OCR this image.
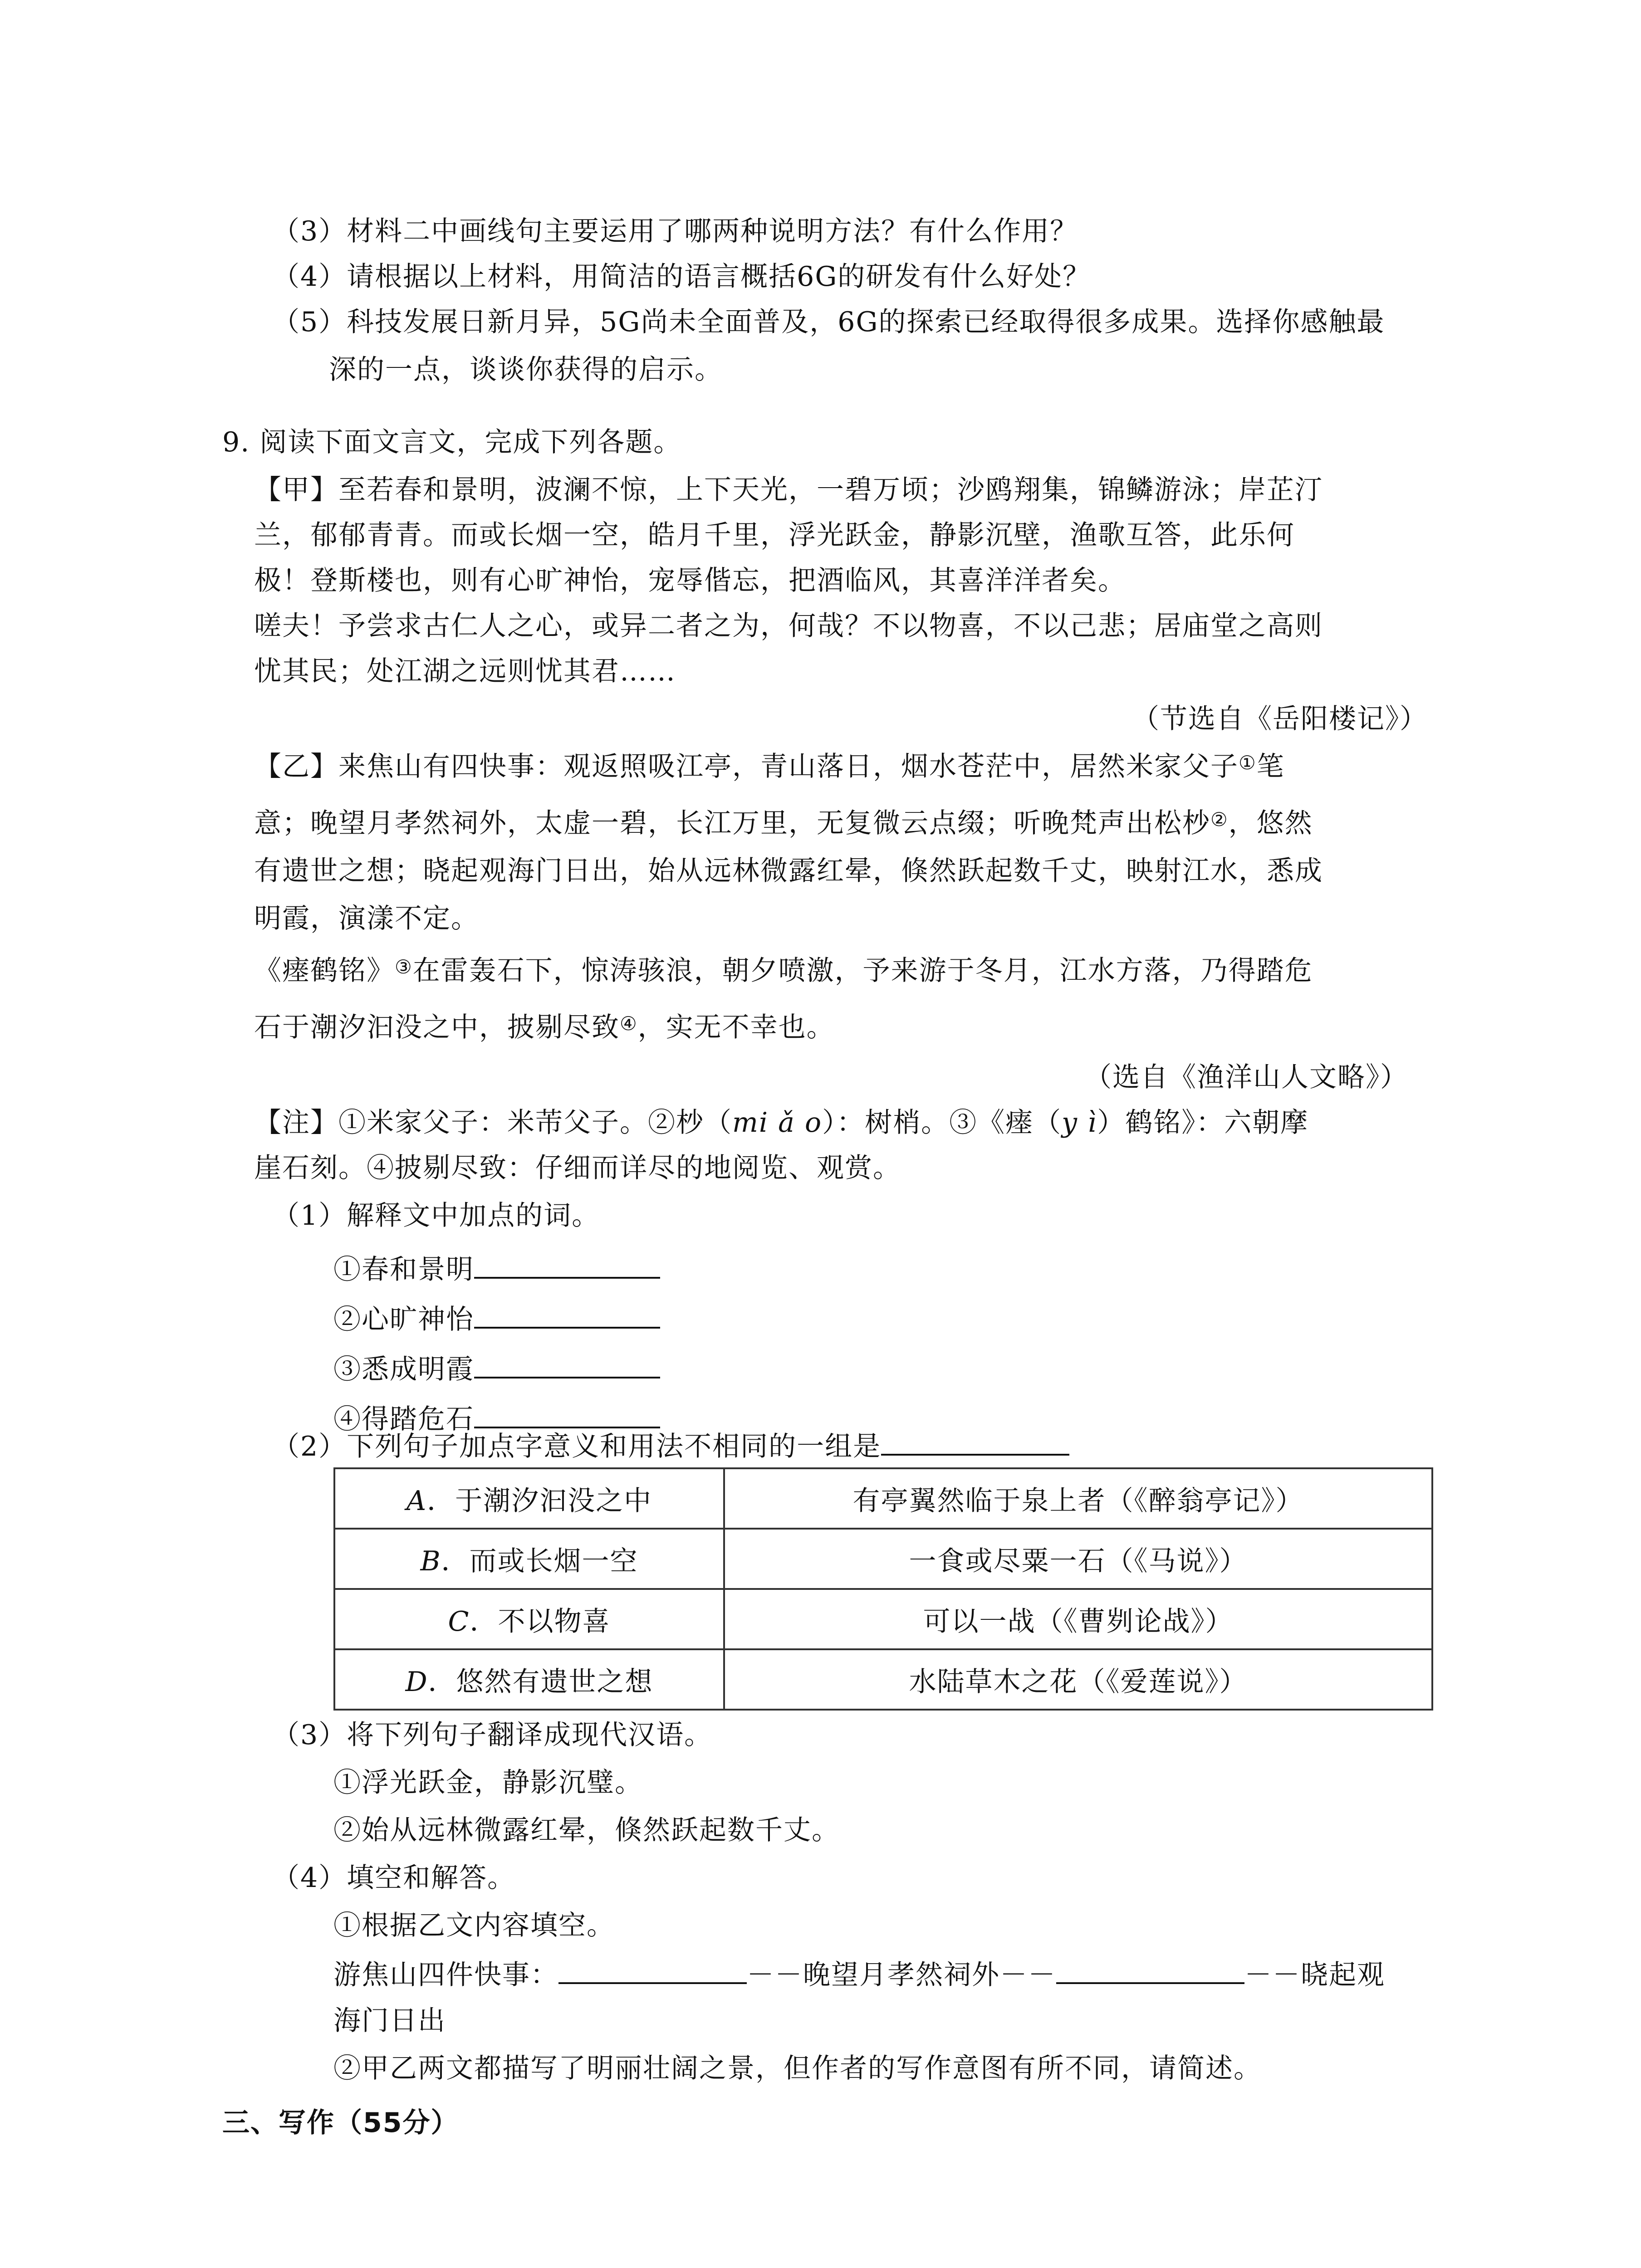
（3）材料二中画线句主要运用了哪两种说明方法？有什么作用？
（4）请根据以上材料，用简洁的语言概括6G的研发有什么好处？
（5）科技发展日新月异，5G尚未全面普及，6G的探索已经取得很多成果。选择你感触最
深的一点，谈谈你获得的启示。
9. 阅读下面文言文，完成下列各题。
【甲】至若春和景明，波澜不惊，上下天光，一碧万顷；沙鸥翔集，锦鳞游泳；岸芷汀
兰，郁郁青青。而或长烟一空，皓月千里，浮光跃金，静影沉壁，渔歌互答，此乐何
极！登斯楼也，则有心旷神怡，宠辱偕忘，把酒临风，其喜洋洋者矣。
嗟夫！予尝求古仁人之心，或异二者之为，何哉？不以物喜，不以己悲；居庙堂之高则
忧其民；处江湖之远则忧其君……
（节选自《岳阳楼记》）
【乙】来焦山有四快事：观返照吸江亭，青山落日，烟水苍茫中，居然米家父子①笔
意；晚望月孝然祠外，太虚一碧，长江万里，无复微云点缀；听晚梵声出松杪②，悠然
有遗世之想；晓起观海门日出，始从远林微露红晕，倏然跃起数千丈，映射江水，悉成
明霞，演漾不定。
《瘗鹤铭》③在雷轰石下，惊涛骇浪，朝夕喷激，予来游于冬月，江水方落，乃得踏危
石于潮汐汩没之中，披剔尽致④，实无不幸也。
（选自《渔洋山人文略》）
【注】①米家父子：米芾父子。②杪（mi ǎ o）：树梢。③《瘗（y ì）鹤铭》：六朝摩
崖石刻。④披剔尽致：仔细而详尽的地阅览、观赏。
（1）解释文中加点的词。
①春和景明
②心旷神怡
③悉成明霞
④得踏危石
（2）下列句子加点字意义和用法不相同的一组是
A．于潮汐汩没之中	有亭翼然临于泉上者（《醉翁亭记》）
B．而或长烟一空	一食或尽粟一石（《马说》）
C．不以物喜	可以一战（《曹刿论战》）
D．悠然有遗世之想	水陆草木之花（《爱莲说》）
（3）将下列句子翻译成现代汉语。
①浮光跃金，静影沉璧。
②始从远林微露红晕，倏然跃起数千丈。
（4）填空和解答。
①根据乙文内容填空。
游焦山四件快事：	－－晚望月孝然祠外－－	－－晓起观
海门日出
②甲乙两文都描写了明丽壮阔之景，但作者的写作意图有所不同，请简述。
三、写作（55分）
